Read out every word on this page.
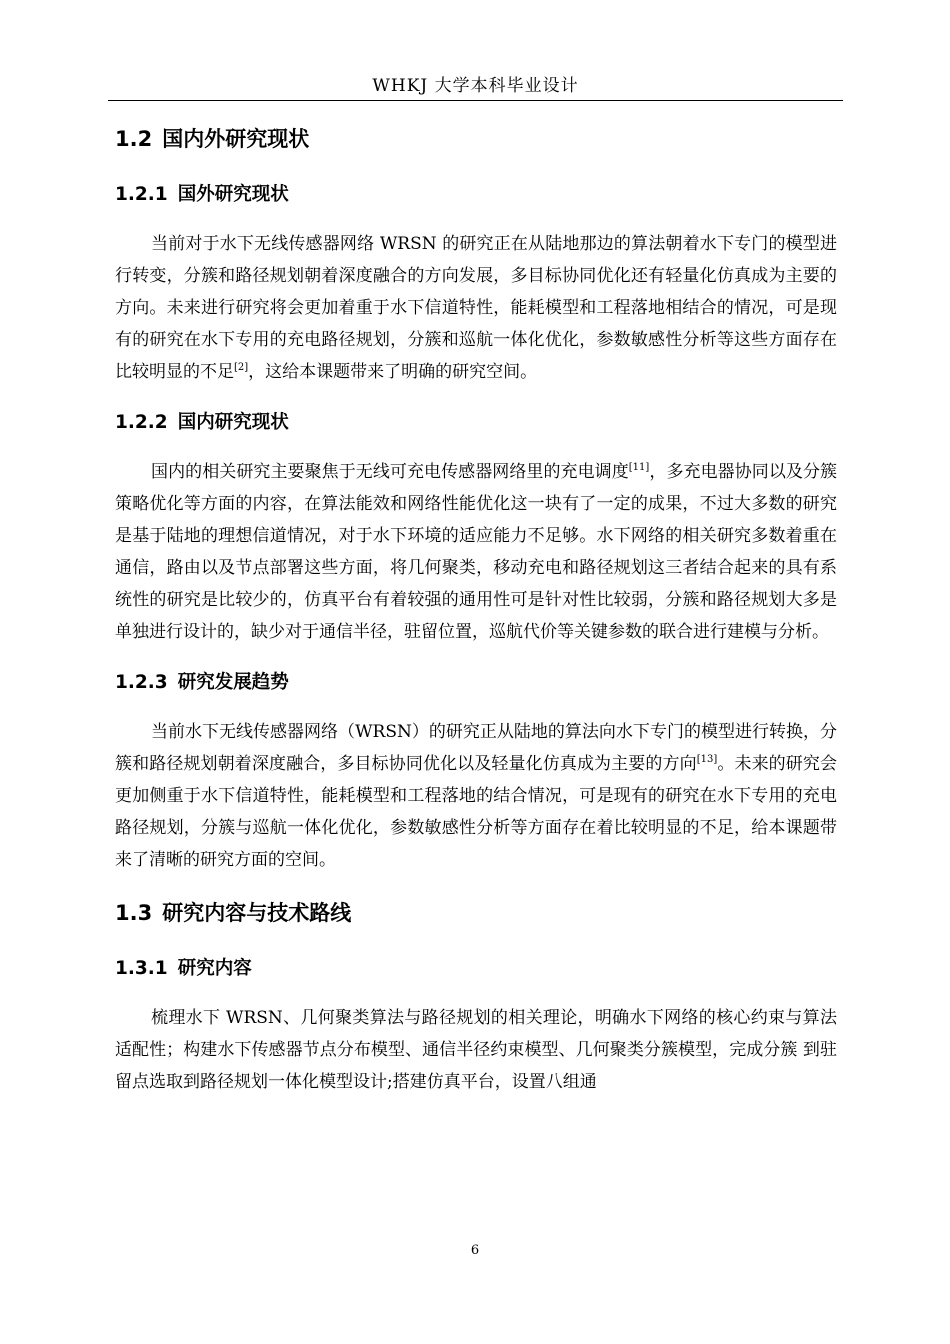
WHKJ 大学本科毕业设计
1.2 国内外研究现状
1.2.1 国外研究现状

当前对于水下无线传感器网络 WRSN 的研究正在从陆地那边的算法朝着水下专门的模型进行转变，分簇和路径规划朝着深度融合的方向发展，多目标协同优化还有轻量化仿真成为主要的方向。未来进行研究将会更加着重于水下信道特性，能耗模型和工程落地相结合的情况，可是现有的研究在水下专用的充电路径规划，分簇和巡航一体化优化，参数敏感性分析等这些方面存在比较明显的不足[2]，这给本课题带来了明确的研究空间。

1.2.2 国内研究现状

国内的相关研究主要聚焦于无线可充电传感器网络里的充电调度[11]，多充电器协同以及分簇策略优化等方面的内容，在算法能效和网络性能优化这一块有了一定的成果，不过大多数的研究是基于陆地的理想信道情况，对于水下环境的适应能力不足够。水下网络的相关研究多数着重在通信，路由以及节点部署这些方面，将几何聚类，移动充电和路径规划这三者结合起来的具有系统性的研究是比较少的，仿真平台有着较强的通用性可是针对性比较弱，分簇和路径规划大多是单独进行设计的，缺少对于通信半径，驻留位置，巡航代价等关键参数的联合进行建模与分析。

1.2.3 研究发展趋势

当前水下无线传感器网络（WRSN）的研究正从陆地的算法向水下专门的模型进行转换，分簇和路径规划朝着深度融合，多目标协同优化以及轻量化仿真成为主要的方向[13]。未来的研究会更加侧重于水下信道特性，能耗模型和工程落地的结合情况，可是现有的研究在水下专用的充电路径规划，分簇与巡航一体化优化，参数敏感性分析等方面存在着比较明显的不足，给本课题带来了清晰的研究方面的空间。

1.3 研究内容与技术路线
1.3.1 研究内容

梳理水下 WRSN、几何聚类算法与路径规划的相关理论，明确水下网络的核心约束与算法适配性；构建水下传感器节点分布模型、通信半径约束模型、几何聚类分簇模型，完成分簇 到驻留点选取到路径规划一体化模型设计;搭建仿真平台，设置八组通

6
